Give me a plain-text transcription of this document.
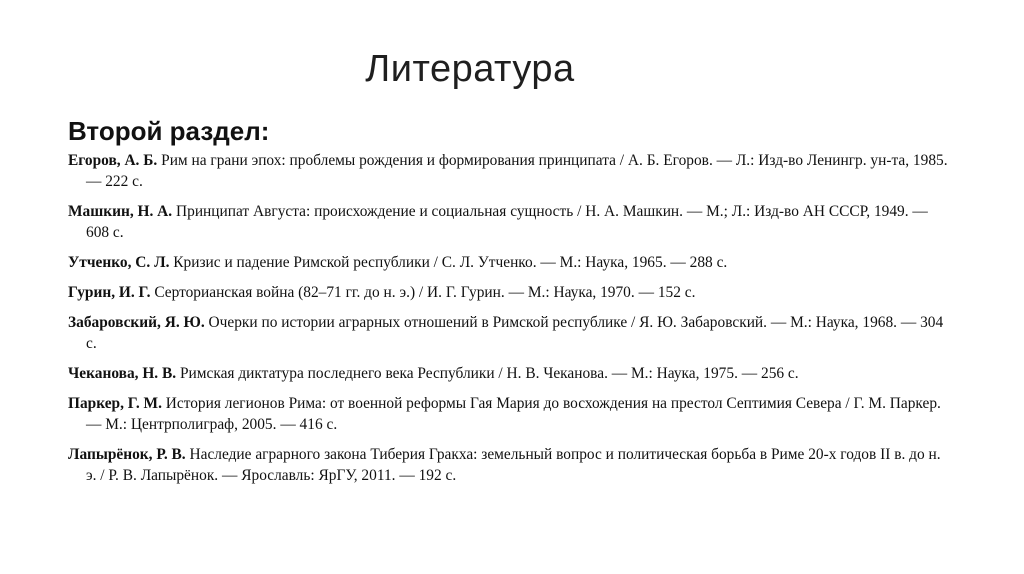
Литература
Второй раздел:
Егоров, А. Б. Рим на грани эпох: проблемы рождения и формирования принципата / А. Б. Егоров. — Л.: Изд-во Ленингр. ун-та, 1985. — 222 с.
Машкин, Н. А. Принципат Августа: происхождение и социальная сущность / Н. А. Машкин. — М.; Л.: Изд-во АН СССР, 1949. — 608 с.
Утченко, С. Л. Кризис и падение Римской республики / С. Л. Утченко. — М.: Наука, 1965. — 288 с.
Гурин, И. Г. Серторианская война (82–71 гг. до н. э.) / И. Г. Гурин. — М.: Наука, 1970. — 152 с.
Забаровский, Я. Ю. Очерки по истории аграрных отношений в Римской республике / Я. Ю. Забаровский. — М.: Наука, 1968. — 304 с.
Чеканова, Н. В. Римская диктатура последнего века Республики / Н. В. Чеканова. — М.: Наука, 1975. — 256 с.
Паркер, Г. М. История легионов Рима: от военной реформы Гая Мария до восхождения на престол Септимия Севера / Г. М. Паркер. — М.: Центрполиграф, 2005. — 416 с.
Лапырёнок, Р. В. Наследие аграрного закона Тиберия Гракха: земельный вопрос и политическая борьба в Риме 20-х годов II в. до н. э. / Р. В. Лапырёнок. — Ярославль: ЯрГУ, 2011. — 192 с.
